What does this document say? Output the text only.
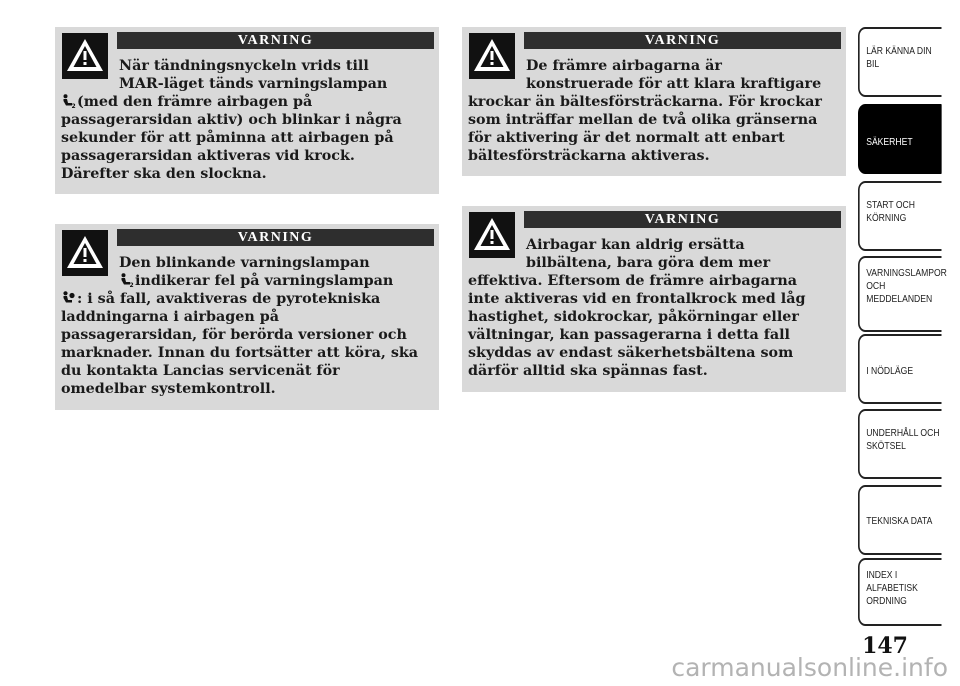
VARNING
När tändningsnyckeln vrids till
MAR-läget tänds varningslampan

2 (med den främre airbagen på
passagerarsidan aktiv) och blinkar i några
sekunder för att påminna att airbagen på
passagerarsidan aktiveras vid krock.
Därefter ska den slockna.
VARNING
Den blinkande varningslampan

2 indikerar fel på varningslampan
: i så fall, avaktiveras de pyrotekniska
laddningarna i airbagen på
passagerarsidan, för berörda versioner och
marknader. Innan du fortsätter att köra, ska
du kontakta Lancias servicenät för
omedelbar systemkontroll.
VARNING
De främre airbagarna är
konstruerade för att klara kraftigare
krockar än bältesförsträckarna. För krockar
som inträffar mellan de två olika gränserna
för aktivering är det normalt att enbart
bältesförsträckarna aktiveras.
VARNING
Airbagar kan aldrig ersätta
bilbältena, bara göra dem mer
effektiva. Eftersom de främre airbagarna
inte aktiveras vid en frontalkrock med låg
hastighet, sidokrockar, påkörningar eller
vältningar, kan passagerarna i detta fall
skyddas av endast säkerhetsbältena som
därför alltid ska spännas fast.
LÄR KÄNNA DIN
BIL
SÄKERHET
START OCH
KÖRNING
VARNINGSLAMPOR
OCH
MEDDELANDEN
I NÖDLÄGE
UNDERHÅLL OCH
SKÖTSEL
TEKNISKA DATA
INDEX I
ALFABETISK
ORDNING
147
carmanualsonline.info
